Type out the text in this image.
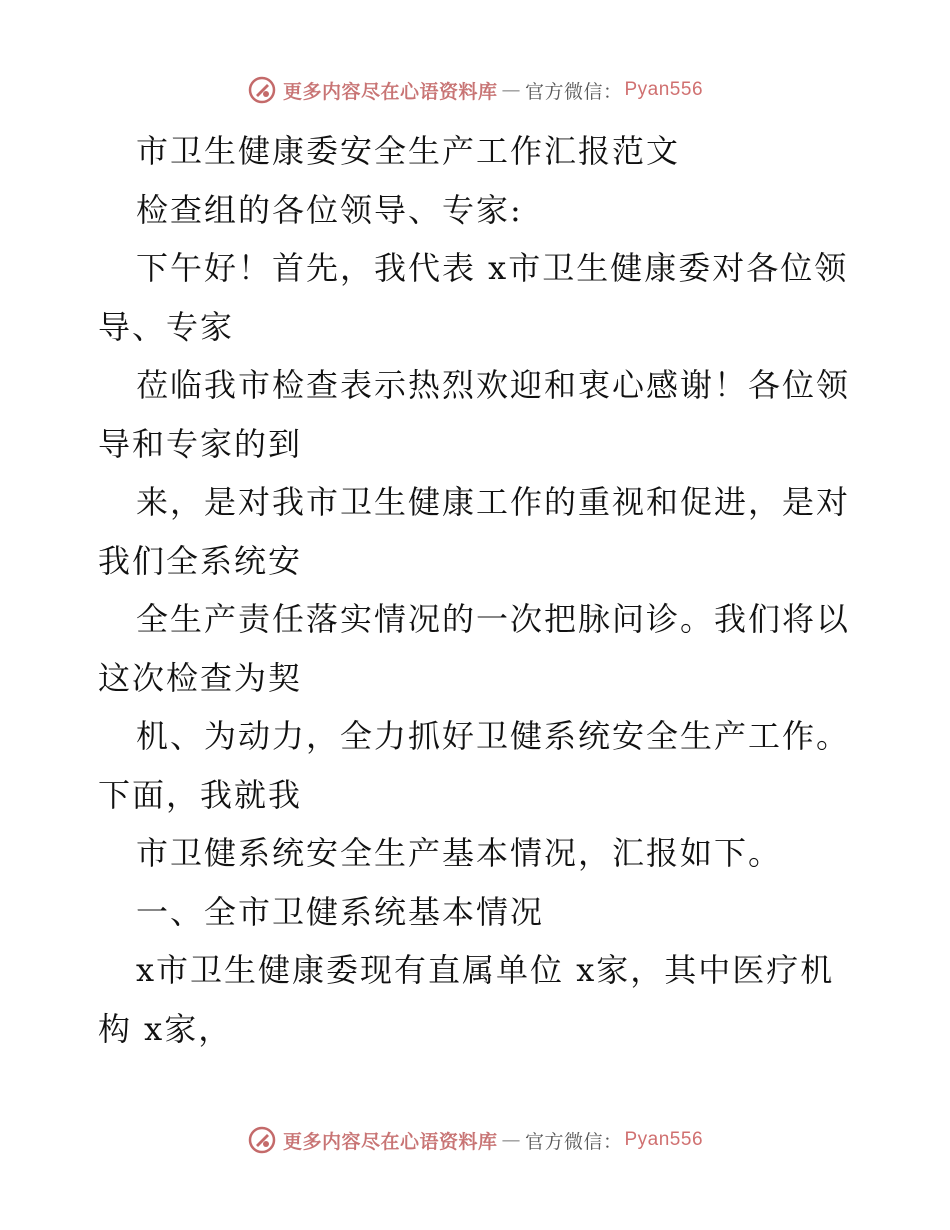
更多内容尽在心语资料库 — 官方微信： Pyan556

市卫生健康委安全生产工作汇报范文

检查组的各位领导、专家:

下午好！首先，我代表 x市卫生健康委对各位领导、专家

莅临我市检查表示热烈欢迎和衷心感谢！各位领导和专家的到

来，是对我市卫生健康工作的重视和促进，是对我们全系统安

全生产责任落实情况的一次把脉问诊。我们将以这次检查为契

机、为动力，全力抓好卫健系统安全生产工作。下面，我就我

市卫健系统安全生产基本情况，汇报如下。

一、全市卫健系统基本情况

x市卫生健康委现有直属单位 x家，其中医疗机构 x家，

更多内容尽在心语资料库 — 官方微信： Pyan556
